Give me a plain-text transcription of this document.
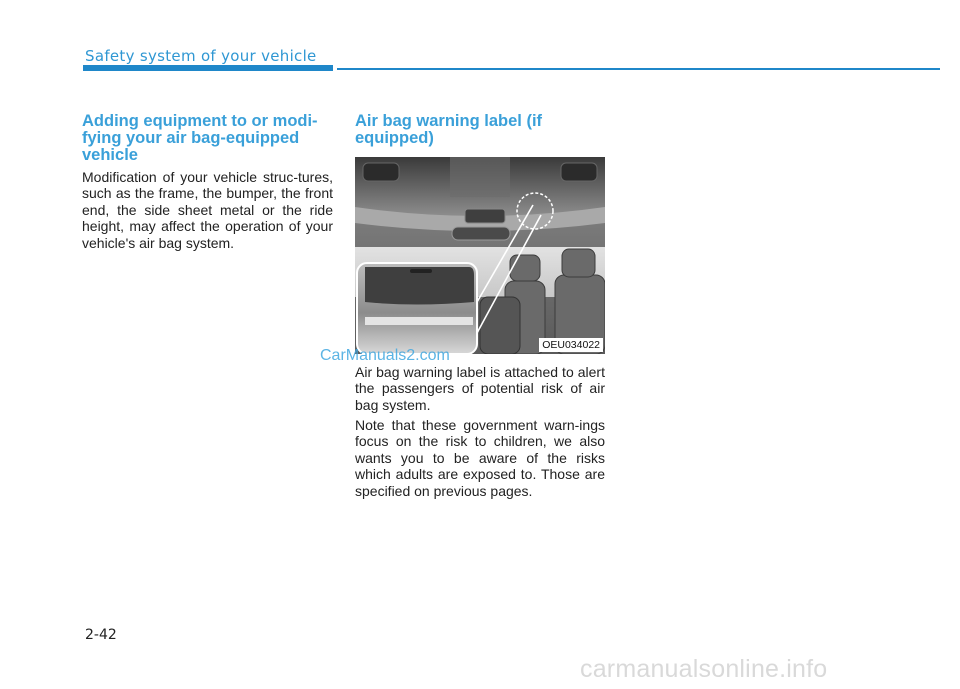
Safety system of your vehicle
Adding equipment to or modi-fying your air bag-equipped vehicle

Modification of your vehicle struc-tures, such as the frame, the bumper, the front end, the side sheet metal or the ride height, may affect the operation of your vehicle's air bag system.

Air bag warning label (if equipped)
OEU034022
CarManuals2.com

Air bag warning label is attached to alert the passengers of potential risk of air bag system.

Note that these government warn-ings focus on the risk to children, we also wants you to be aware of the risks which adults are exposed to. Those are specified on previous pages.

2-42
carmanualsonline.info
